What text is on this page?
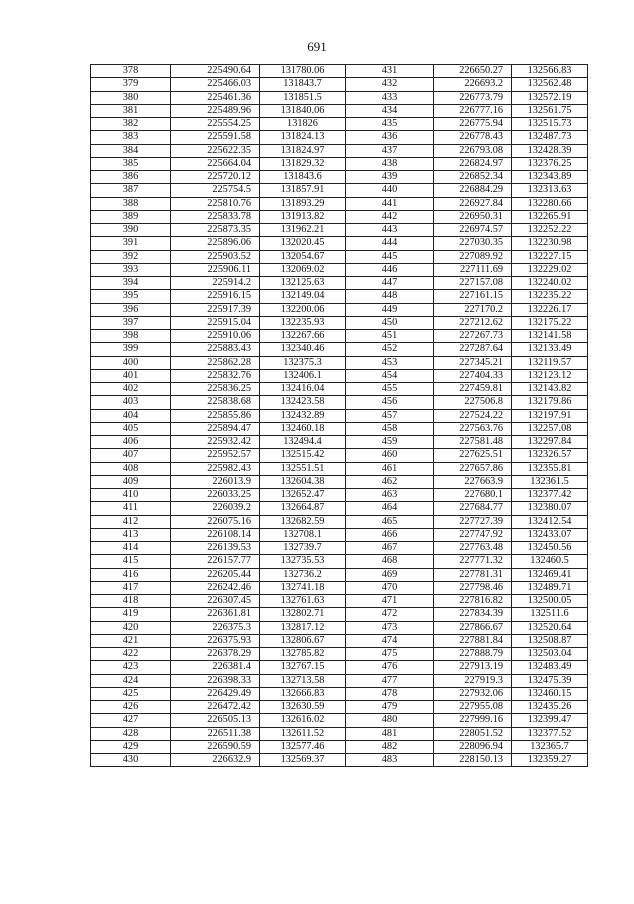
691
378	225490.64	131780.06	431	226650.27	132566.83
379	225466.03	131843.7	432	226693.2	132562.48
380	225461.36	131851.5	433	226773.79	132572.19
381	225489.96	131840.06	434	226777.16	132561.75
382	225554.25	131826	435	226775.94	132515.73
383	225591.58	131824.13	436	226778.43	132487.73
384	225622.35	131824.97	437	226793.08	132428.39
385	225664.04	131829.32	438	226824.97	132376.25
386	225720.12	131843.6	439	226852.34	132343.89
387	225754.5	131857.91	440	226884.29	132313.63
388	225810.76	131893.29	441	226927.84	132280.66
389	225833.78	131913.82	442	226950.31	132265.91
390	225873.35	131962.21	443	226974.57	132252.22
391	225896.06	132020.45	444	227030.35	132230.98
392	225903.52	132054.67	445	227089.92	132227.15
393	225906.11	132069.02	446	227111.69	132229.02
394	225914.2	132125.63	447	227157.08	132240.02
395	225916.15	132149.04	448	227161.15	132235.22
396	225917.39	132200.06	449	227170.2	132226.17
397	225915.04	132235.93	450	227212.62	132175.22
398	225910.06	132267.66	451	227267.73	132141.58
399	225883.43	132340.46	452	227287.64	132133.49
400	225862.28	132375.3	453	227345.21	132119.57
401	225832.76	132406.1	454	227404.33	132123.12
402	225836.25	132416.04	455	227459.81	132143.82
403	225838.68	132423.58	456	227506.8	132179.86
404	225855.86	132432.89	457	227524.22	132197.91
405	225894.47	132460.18	458	227563.76	132257.08
406	225932.42	132494.4	459	227581.48	132297.84
407	225952.57	132515.42	460	227625.51	132326.57
408	225982.43	132551.51	461	227657.86	132355.81
409	226013.9	132604.38	462	227663.9	132361.5
410	226033.25	132652.47	463	227680.1	132377.42
411	226039.2	132664.87	464	227684.77	132380.07
412	226075.16	132682.59	465	227727.39	132412.54
413	226108.14	132708.1	466	227747.92	132433.07
414	226139.53	132739.7	467	227763.48	132450.56
415	226157.77	132735.53	468	227771.32	132460.5
416	226205.44	132736.2	469	227781.31	132469.41
417	226242.46	132741.18	470	227798.46	132489.71
418	226307.45	132761.63	471	227816.82	132500.05
419	226361.81	132802.71	472	227834.39	132511.6
420	226375.3	132817.12	473	227866.67	132520.64
421	226375.93	132806.67	474	227881.84	132508.87
422	226378.29	132785.82	475	227888.79	132503.04
423	226381.4	132767.15	476	227913.19	132483.49
424	226398.33	132713.58	477	227919.3	132475.39
425	226429.49	132666.83	478	227932.06	132460.15
426	226472.42	132630.59	479	227955.08	132435.26
427	226505.13	132616.02	480	227999.16	132399.47
428	226511.38	132611.52	481	228051.52	132377.52
429	226590.59	132577.46	482	228096.94	132365.7
430	226632.9	132569.37	483	228150.13	132359.27
